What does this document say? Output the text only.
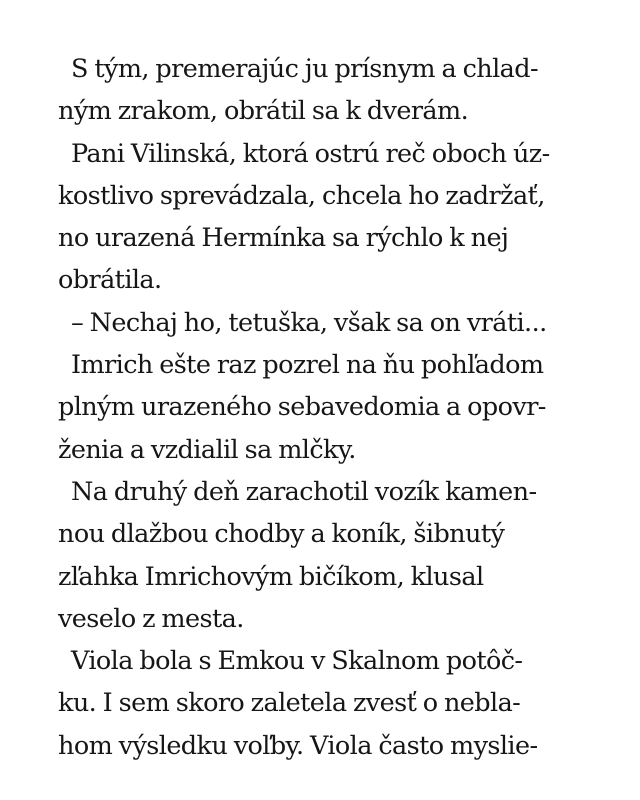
S tým, premerajúc ju prísnym a chlad-
ným zrakom, obrátil sa k dverám.
Pani Vilinská, ktorá ostrú reč oboch úz-
kostlivo sprevádzala, chcela ho zadržať,
no urazená Hermínka sa rýchlo k nej
obrátila.
– Nechaj ho, tetuška, však sa on vráti...
Imrich ešte raz pozrel na ňu pohľadom
plným urazeného sebavedomia a opovr-
ženia a vzdialil sa mlčky.
Na druhý deň zarachotil vozík kamen-
nou dlažbou chodby a koník, šibnutý
zľahka Imrichovým bičíkom, klusal
veselo z mesta.
Viola bola s Emkou v Skalnom potôč-
ku. I sem skoro zaletela zvesť o nebla-
hom výsledku voľby. Viola často myslie-
